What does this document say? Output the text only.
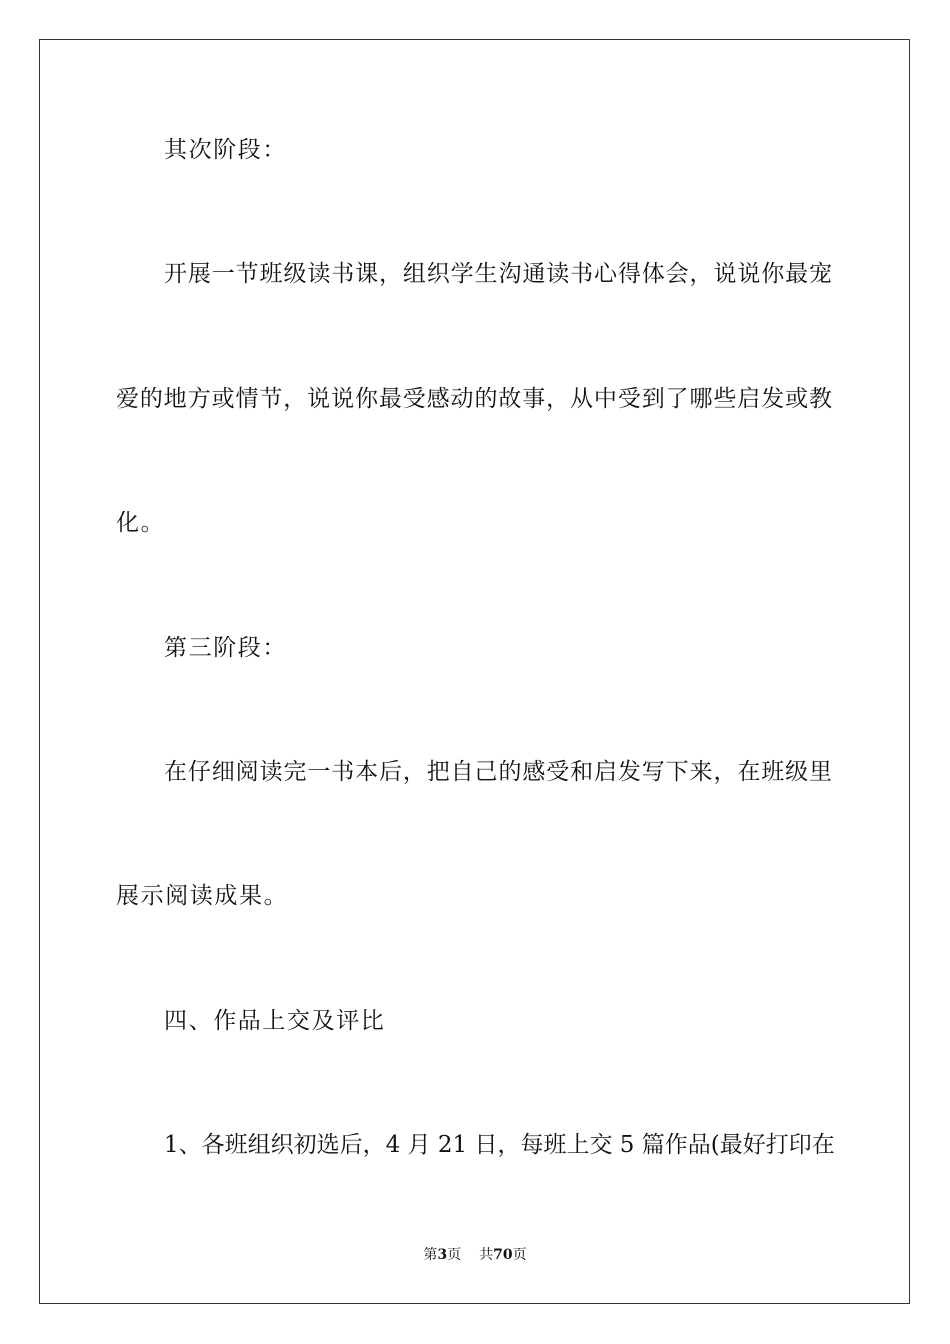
其次阶段：
开展一节班级读书课，组织学生沟通读书心得体会，说说你最宠
爱的地方或情节，说说你最受感动的故事，从中受到了哪些启发或教
化。
第三阶段：
在仔细阅读完一书本后，把自己的感受和启发写下来，在班级里
展示阅读成果。
四、作品上交及评比
1、各班组织初选后，4 月 21 日，每班上交 5 篇作品(最好打印在
第3页 共70页
